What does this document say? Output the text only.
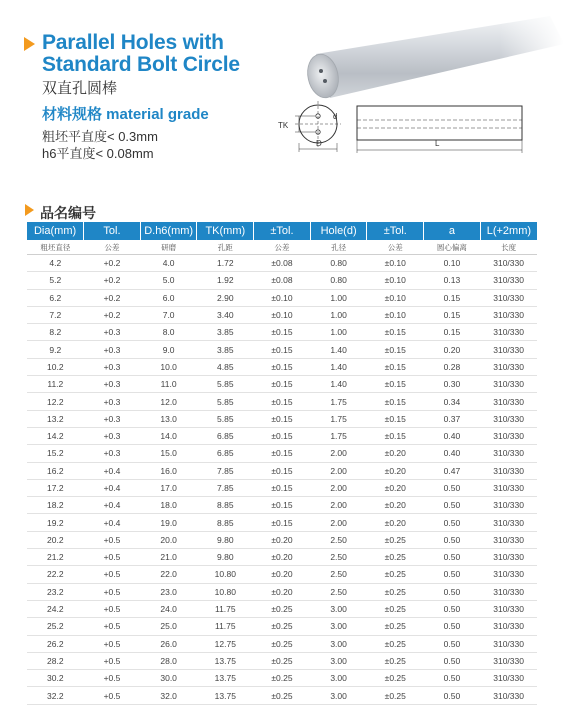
Parallel Holes with
Standard Bolt Circle
双直孔圆棒
材料规格 material grade
粗坯平直度< 0.3mm
h6平直度< 0.08mm
TK
d
D	L
品名编号
Dia(mm)	Tol.	D.h6(mm)	TK(mm)	±Tol.	Hole(d)	±Tol.	a	L(+2mm)
粗坯直径	公差	研磨	孔距	公差	孔径	公差	圆心偏离	长度
4.2	+0.2	4.0	1.72	±0.08	0.80	±0.10	0.10	310/330
5.2	+0.2	5.0	1.92	±0.08	0.80	±0.10	0.13	310/330
6.2	+0.2	6.0	2.90	±0.10	1.00	±0.10	0.15	310/330
7.2	+0.2	7.0	3.40	±0.10	1.00	±0.10	0.15	310/330
8.2	+0.3	8.0	3.85	±0.15	1.00	±0.15	0.15	310/330
9.2	+0.3	9.0	3.85	±0.15	1.40	±0.15	0.20	310/330
10.2	+0.3	10.0	4.85	±0.15	1.40	±0.15	0.28	310/330
11.2	+0.3	11.0	5.85	±0.15	1.40	±0.15	0.30	310/330
12.2	+0.3	12.0	5.85	±0.15	1.75	±0.15	0.34	310/330
13.2	+0.3	13.0	5.85	±0.15	1.75	±0.15	0.37	310/330
14.2	+0.3	14.0	6.85	±0.15	1.75	±0.15	0.40	310/330
15.2	+0.3	15.0	6.85	±0.15	2.00	±0.20	0.40	310/330
16.2	+0.4	16.0	7.85	±0.15	2.00	±0.20	0.47	310/330
17.2	+0.4	17.0	7.85	±0.15	2.00	±0.20	0.50	310/330
18.2	+0.4	18.0	8.85	±0.15	2.00	±0.20	0.50	310/330
19.2	+0.4	19.0	8.85	±0.15	2.00	±0.20	0.50	310/330
20.2	+0.5	20.0	9.80	±0.20	2.50	±0.25	0.50	310/330
21.2	+0.5	21.0	9.80	±0.20	2.50	±0.25	0.50	310/330
22.2	+0.5	22.0	10.80	±0.20	2.50	±0.25	0.50	310/330
23.2	+0.5	23.0	10.80	±0.20	2.50	±0.25	0.50	310/330
24.2	+0.5	24.0	11.75	±0.25	3.00	±0.25	0.50	310/330
25.2	+0.5	25.0	11.75	±0.25	3.00	±0.25	0.50	310/330
26.2	+0.5	26.0	12.75	±0.25	3.00	±0.25	0.50	310/330
28.2	+0.5	28.0	13.75	±0.25	3.00	±0.25	0.50	310/330
30.2	+0.5	30.0	13.75	±0.25	3.00	±0.25	0.50	310/330
32.2	+0.5	32.0	13.75	±0.25	3.00	±0.25	0.50	310/330
